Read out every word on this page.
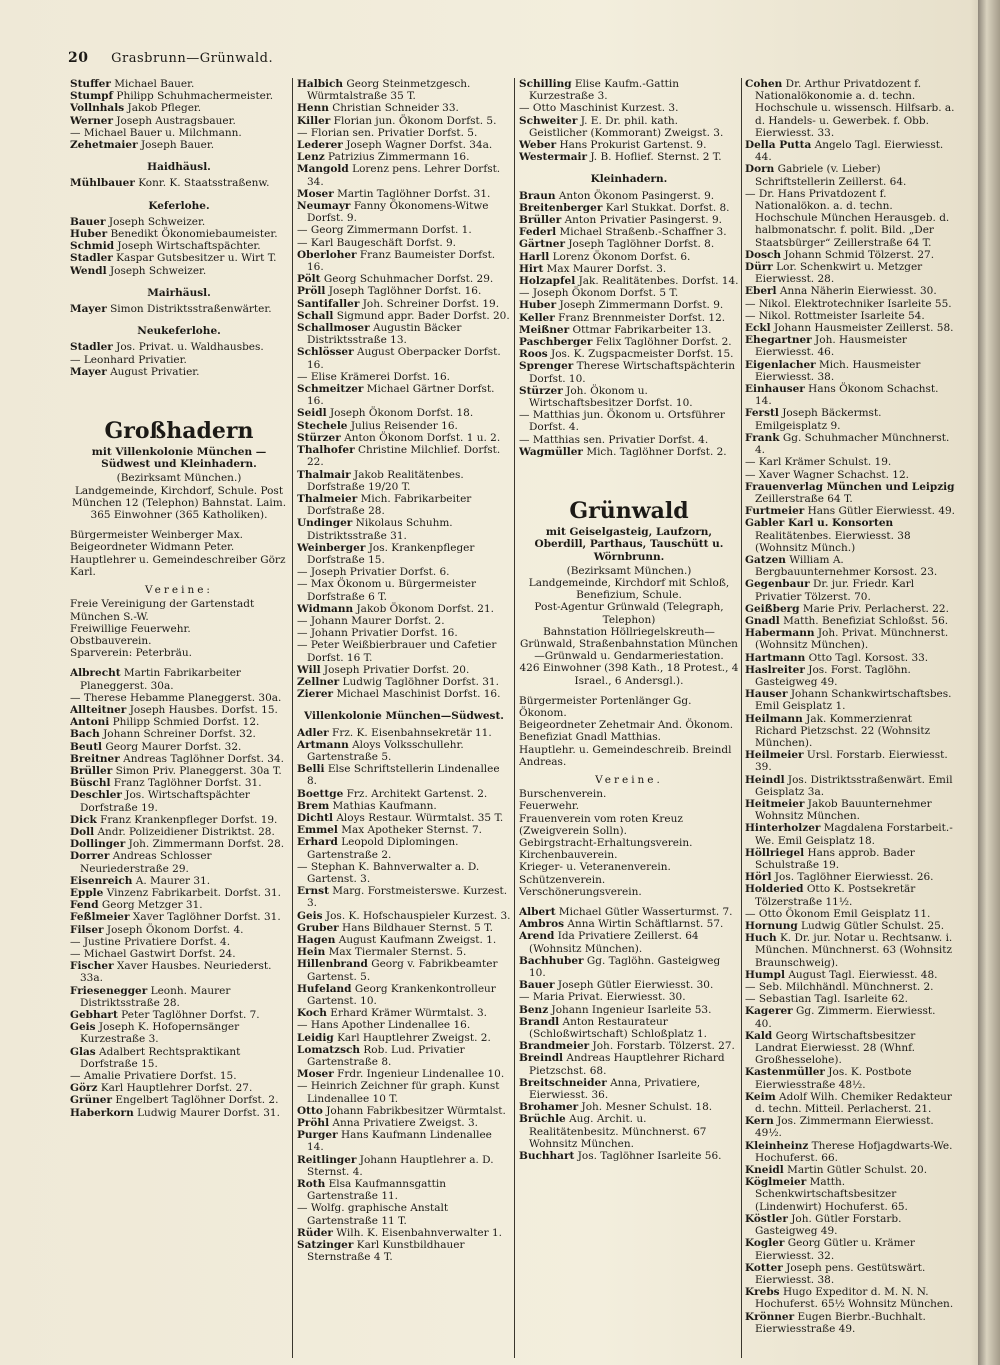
20 Grasbrunn—Grünwald.

Stuffer Michael Bauer.

Stumpf Philipp Schuhmachermeister.

Vollnhals Jakob Pfleger.

Werner Joseph Austragsbauer.

— Michael Bauer u. Milchmann.

Zehetmaier Joseph Bauer.

Haidhäusl.

Mühlbauer Konr. K. Staatsstraßenw.

Keferlohe.

Bauer Joseph Schweizer.

Huber Benedikt Ökonomiebaumeister.

Schmid Joseph Wirtschaftspächter.

Stadler Kaspar Gutsbesitzer u. Wirt T.

Wendl Joseph Schweizer.

Mairhäusl.

Mayer Simon Distriktsstraßenwärter.

Neukeferlohe.

Stadler Jos. Privat. u. Waldhausbes.

— Leonhard Privatier.

Mayer August Privatier.

Großhadern

mit Villenkolonie München — Südwest und Kleinhadern.

(Bezirksamt München.)

Landgemeinde, Kirchdorf, Schule. Post München 12 (Telephon) Bahnstat. Laim.

365 Einwohner (365 Katholiken).

Bürgermeister Weinberger Max.

Beigeordneter Widmann Peter.

Hauptlehrer u. Gemeindeschreiber Görz Karl.

Vereine:

Freie Vereinigung der Gartenstadt München S.-W.

Freiwillige Feuerwehr.

Obstbauverein.

Sparverein: Peterbräu.

Albrecht Martin Fabrikarbeiter Planeggerst. 30a.

— Therese Hebamme Planeggerst. 30a.

Allteitner Joseph Hausbes. Dorfst. 15.

Antoni Philipp Schmied Dorfst. 12.

Bach Johann Schreiner Dorfst. 32.

Beutl Georg Maurer Dorfst. 32.

Breitner Andreas Taglöhner Dorfst. 34.

Brüller Simon Priv. Planeggerst. 30a T.

Büschl Franz Taglöhner Dorfst. 31.

Deschler Jos. Wirtschaftspächter Dorfstraße 19.

Dick Franz Krankenpfleger Dorfst. 19.

Doll Andr. Polizeidiener Distriktst. 28.

Dollinger Joh. Zimmermann Dorfst. 28.

Dorrer Andreas Schlosser Neuriederstraße 29.

Eisenreich A. Maurer 31.

Epple Vinzenz Fabrikarbeit. Dorfst. 31.

Fend Georg Metzger 31.

Feßlmeier Xaver Taglöhner Dorfst. 31.

Filser Joseph Ökonom Dorfst. 4.

— Justine Privatiere Dorfst. 4.

— Michael Gastwirt Dorfst. 24.

Fischer Xaver Hausbes. Neuriederst. 33a.

Friesenegger Leonh. Maurer Distriktsstraße 28.

Gebhart Peter Taglöhner Dorfst. 7.

Geis Joseph K. Hofopernsänger Kurzestraße 3.

Glas Adalbert Rechtspraktikant Dorfstraße 15.

— Amalie Privatiere Dorfst. 15.

Görz Karl Hauptlehrer Dorfst. 27.

Grüner Engelbert Taglöhner Dorfst. 2.

Haberkorn Ludwig Maurer Dorfst. 31.

Halbich Georg Steinmetzgesch. Würmtalstraße 35 T.

Henn Christian Schneider 33.

Killer Florian jun. Ökonom Dorfst. 5.

— Florian sen. Privatier Dorfst. 5.

Lederer Joseph Wagner Dorfst. 34a.

Lenz Patrizius Zimmermann 16.

Mangold Lorenz pens. Lehrer Dorfst. 34.

Moser Martin Taglöhner Dorfst. 31.

Neumayr Fanny Ökonomens-Witwe Dorfst. 9.

— Georg Zimmermann Dorfst. 1.

— Karl Baugeschäft Dorfst. 9.

Oberloher Franz Baumeister Dorfst. 16.

Pölt Georg Schuhmacher Dorfst. 29.

Pröll Joseph Taglöhner Dorfst. 16.

Santifaller Joh. Schreiner Dorfst. 19.

Schall Sigmund appr. Bader Dorfst. 20.

Schallmoser Augustin Bäcker Distriktsstraße 13.

Schlösser August Oberpacker Dorfst. 16.

— Elise Krämerei Dorfst. 16.

Schmeitzer Michael Gärtner Dorfst. 16.

Seidl Joseph Ökonom Dorfst. 18.

Stechele Julius Reisender 16.

Stürzer Anton Ökonom Dorfst. 1 u. 2.

Thalhofer Christine Milchlief. Dorfst. 22.

Thalmair Jakob Realitätenbes. Dorfstraße 19/20 T.

Thalmeier Mich. Fabrikarbeiter Dorfstraße 28.

Undinger Nikolaus Schuhm. Distriktsstraße 31.

Weinberger Jos. Krankenpfleger Dorfstraße 15.

— Joseph Privatier Dorfst. 6.

— Max Ökonom u. Bürgermeister Dorfstraße 6 T.

Widmann Jakob Ökonom Dorfst. 21.

— Johann Maurer Dorfst. 2.

— Johann Privatier Dorfst. 16.

— Peter Weißbierbrauer und Cafetier Dorfst. 16 T.

Will Joseph Privatier Dorfst. 20.

Zellner Ludwig Taglöhner Dorfst. 31.

Zierer Michael Maschinist Dorfst. 16.

Villenkolonie München—Südwest.

Adler Frz. K. Eisenbahnsekretär 11.

Artmann Aloys Volksschullehr. Gartenstraße 5.

Belli Else Schriftstellerin Lindenallee 8.

Boettge Frz. Architekt Gartenst. 2.

Brem Mathias Kaufmann.

Dichtl Aloys Restaur. Würmtalst. 35 T.

Emmel Max Apotheker Sternst. 7.

Erhard Leopold Diplomingen. Gartenstraße 2.

— Stephan K. Bahnverwalter a. D. Gartenst. 3.

Ernst Marg. Forstmeisterswe. Kurzest. 3.

Geis Jos. K. Hofschauspieler Kurzest. 3.

Gruber Hans Bildhauer Sternst. 5 T.

Hagen August Kaufmann Zweigst. 1.

Hein Max Tiermaler Sternst. 5.

Hillenbrand Georg v. Fabrikbeamter Gartenst. 5.

Hufeland Georg Krankenkontrolleur Gartenst. 10.

Koch Erhard Krämer Würmtalst. 3.

— Hans Apother Lindenallee 16.

Leidig Karl Hauptlehrer Zweigst. 2.

Lomatzsch Rob. Lud. Privatier Gartenstraße 8.

Moser Frdr. Ingenieur Lindenallee 10.

— Heinrich Zeichner für graph. Kunst Lindenallee 10 T.

Otto Johann Fabrikbesitzer Würmtalst.

Pröhl Anna Privatiere Zweigst. 3.

Purger Hans Kaufmann Lindenallee 14.

Reitlinger Johann Hauptlehrer a. D. Sternst. 4.

Roth Elsa Kaufmannsgattin Gartenstraße 11.

— Wolfg. graphische Anstalt Gartenstraße 11 T.

Rüder Wilh. K. Eisenbahnverwalter 1.

Satzinger Karl Kunstbildhauer Sternstraße 4 T.

Schilling Elise Kaufm.-Gattin Kurzestraße 3.

— Otto Maschinist Kurzest. 3.

Schweiter J. E. Dr. phil. kath. Geistlicher (Kommorant) Zweigst. 3.

Weber Hans Prokurist Gartenst. 9.

Westermair J. B. Hoflief. Sternst. 2 T.

Kleinhadern.

Braun Anton Ökonom Pasingerst. 9.

Breitenberger Karl Stukkat. Dorfst. 8.

Brüller Anton Privatier Pasingerst. 9.

Federl Michael Straßenb.-Schaffner 3.

Gärtner Joseph Taglöhner Dorfst. 8.

Harll Lorenz Ökonom Dorfst. 6.

Hirt Max Maurer Dorfst. 3.

Holzapfel Jak. Realitätenbes. Dorfst. 14.

— Joseph Ökonom Dorfst. 5 T.

Huber Joseph Zimmermann Dorfst. 9.

Keller Franz Brennmeister Dorfst. 12.

Meißner Ottmar Fabrikarbeiter 13.

Paschberger Felix Taglöhner Dorfst. 2.

Roos Jos. K. Zugspacmeister Dorfst. 15.

Sprenger Therese Wirtschaftspächterin Dorfst. 10.

Stürzer Joh. Ökonom u. Wirtschaftsbesitzer Dorfst. 10.

— Matthias jun. Ökonom u. Ortsführer Dorfst. 4.

— Matthias sen. Privatier Dorfst. 4.

Wagmüller Mich. Taglöhner Dorfst. 2.

Grünwald

mit Geiselgasteig, Laufzorn, Oberdill, Parthaus, Tauschütt u. Wörnbrunn.

(Bezirksamt München.)

Landgemeinde, Kirchdorf mit Schloß, Benefizium, Schule.

Post-Agentur Grünwald (Telegraph, Telephon)

Bahnstation Höllriegelskreuth—Grünwald, Straßenbahnstation München—Grünwald u. Gendarmeriestation.

426 Einwohner (398 Kath., 18 Protest., 4 Israel., 6 Andersgl.).

Bürgermeister Portenlänger Gg. Ökonom.

Beigeordneter Zehetmair And. Ökonom.

Benefiziat Gnadl Matthias.

Hauptlehr. u. Gemeindeschreib. Breindl Andreas.

Vereine.

Burschenverein.

Feuerwehr.

Frauenverein vom roten Kreuz (Zweigverein Solln).

Gebirgstracht-Erhaltungsverein.

Kirchenbauverein.

Krieger- u. Veteranenverein.

Schützenverein.

Verschönerungsverein.

Albert Michael Gütler Wasserturmst. 7.

Ambros Anna Wirtin Schäftlarnst. 57.

Arend Ida Privatiere Zeillerst. 64 (Wohnsitz München).

Bachhuber Gg. Taglöhn. Gasteigweg 10.

Bauer Joseph Gütler Eierwiesst. 30.

— Maria Privat. Eierwiesst. 30.

Benz Johann Ingenieur Isarleite 53.

Brandl Anton Restaurateur (Schloßwirtschaft) Schloßplatz 1.

Brandmeier Joh. Forstarb. Tölzerst. 27.

Breindl Andreas Hauptlehrer Richard Pietzschst. 68.

Breitschneider Anna, Privatiere, Eierwiesst. 36.

Brohamer Joh. Mesner Schulst. 18.

Brüchle Aug. Archit. u. Realitätenbesitz. Münchnerst. 67 Wohnsitz München.

Buchhart Jos. Taglöhner Isarleite 56.

Cohen Dr. Arthur Privatdozent f. Nationalökonomie a. d. techn. Hochschule u. wissensch. Hilfsarb. a. d. Handels- u. Gewerbek. f. Obb. Eierwiesst. 33.

Della Putta Angelo Tagl. Eierwiesst. 44.

Dorn Gabriele (v. Lieber) Schriftstellerin Zeillerst. 64.

— Dr. Hans Privatdozent f. Nationalökon. a. d. techn. Hochschule München Herausgeb. d. halbmonatschr. f. polit. Bild. „Der Staatsbürger“ Zeillerstraße 64 T.

Dosch Johann Schmid Tölzerst. 27.

Dürr Lor. Schenkwirt u. Metzger Eierwiesst. 28.

Eberl Anna Näherin Eierwiesst. 30.

— Nikol. Elektrotechniker Isarleite 55.

— Nikol. Rottmeister Isarleite 54.

Eckl Johann Hausmeister Zeillerst. 58.

Ehegartner Joh. Hausmeister Eierwiesst. 46.

Eigenlacher Mich. Hausmeister Eierwiesst. 38.

Einhauser Hans Ökonom Schachst. 14.

Ferstl Joseph Bäckermst. Emilgeisplatz 9.

Frank Gg. Schuhmacher Münchnerst. 4.

— Karl Krämer Schulst. 19.

— Xaver Wagner Schachst. 12.

Frauenverlag München und Leipzig Zeillerstraße 64 T.

Furtmeier Hans Gütler Eierwiesst. 49.

Gabler Karl u. Konsorten Realitätenbes. Eierwiesst. 38 (Wohnsitz Münch.)

Gatzen William A. Bergbauunternehmer Korsost. 23.

Gegenbaur Dr. jur. Friedr. Karl Privatier Tölzerst. 70.

Geißberg Marie Priv. Perlacherst. 22.

Gnadl Matth. Benefiziat Schloßst. 56.

Habermann Joh. Privat. Münchnerst. (Wohnsitz München).

Hartmann Otto Tagl. Korsost. 33.

Haslreiter Jos. Forst. Taglöhn. Gasteigweg 49.

Hauser Johann Schankwirtschaftsbes. Emil Geisplatz 1.

Heilmann Jak. Kommerzienrat Richard Pietzschst. 22 (Wohnsitz München).

Heilmeier Ursl. Forstarb. Eierwiesst. 39.

Heindl Jos. Distriktsstraßenwärt. Emil Geisplatz 3a.

Heitmeier Jakob Bauunternehmer Wohnsitz München.

Hinterholzer Magdalena Forstarbeit.-We. Emil Geisplatz 18.

Höllriegel Hans approb. Bader Schulstraße 19.

Hörl Jos. Taglöhner Eierwiesst. 26.

Holderied Otto K. Postsekretär Tölzerstraße 11½.

— Otto Ökonom Emil Geisplatz 11.

Hornung Ludwig Gütler Schulst. 25.

Huch K. Dr. jur. Notar u. Rechtsanw. i. München. Münchnerst. 63 (Wohnsitz Braunschweig).

Humpl August Tagl. Eierwiesst. 48.

— Seb. Milchhändl. Münchnerst. 2.

— Sebastian Tagl. Isarleite 62.

Kagerer Gg. Zimmerm. Eierwiesst. 40.

Kald Georg Wirtschaftsbesitzer Landrat Eierwiesst. 28 (Whnf. Großhesselohe).

Kastenmüller Jos. K. Postbote Eierwiesstraße 48½.

Keim Adolf Wilh. Chemiker Redakteur d. techn. Mitteil. Perlacherst. 21.

Kern Jos. Zimmermann Eierwiesst. 49½.

Kleinheinz Therese Hofjagdwarts-We. Hochuferst. 66.

Kneidl Martin Gütler Schulst. 20.

Köglmeier Matth. Schenkwirtschaftsbesitzer (Lindenwirt) Hochuferst. 65.

Köstler Joh. Gütler Forstarb. Gasteigweg 49.

Kogler Georg Gütler u. Krämer Eierwiesst. 32.

Kotter Joseph pens. Gestütswärt. Eierwiesst. 38.

Krebs Hugo Expeditor d. M. N. N. Hochuferst. 65½ Wohnsitz München.

Krönner Eugen Bierbr.-Buchhalt. Eierwiesstraße 49.
